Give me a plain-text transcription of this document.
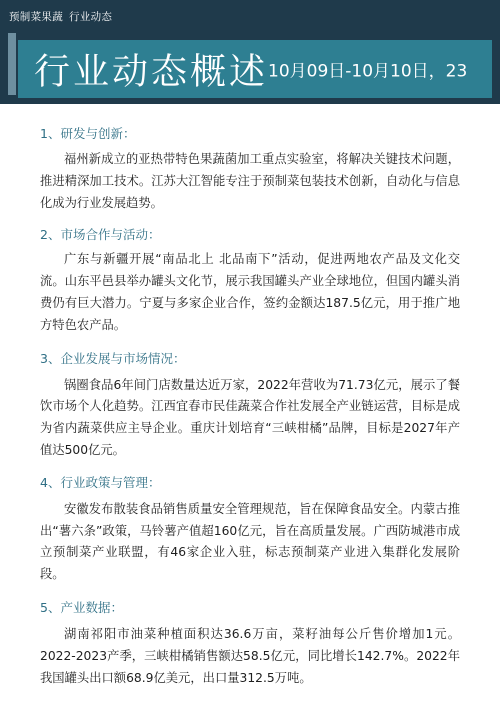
预制菜果蔬 行业动态
行业动态概述 10月09日-10月10日，23

1、研发与创新：

福州新成立的亚热带特色果蔬菌加工重点实验室，将解决关键技术问题，推进精深加工技术。江苏大江智能专注于预制菜包装技术创新，自动化与信息化成为行业发展趋势。

2、市场合作与活动：

广东与新疆开展“南品北上 北品南下”活动，促进两地农产品及文化交流。山东平邑县举办罐头文化节，展示我国罐头产业全球地位，但国内罐头消费仍有巨大潜力。宁夏与多家企业合作，签约金额达187.5亿元，用于推广地方特色农产品。

3、企业发展与市场情况：

锅圈食品6年间门店数量达近万家，2022年营收为71.73亿元，展示了餐饮市场个人化趋势。江西宜春市民佳蔬菜合作社发展全产业链运营，目标是成为省内蔬菜供应主导企业。重庆计划培育“三峡柑橘”品牌，目标是2027年产值达500亿元。

4、行业政策与管理：

安徽发布散装食品销售质量安全管理规范，旨在保障食品安全。内蒙古推出“薯六条”政策，马铃薯产值超160亿元，旨在高质量发展。广西防城港市成立预制菜产业联盟，有46家企业入驻，标志预制菜产业进入集群化发展阶段。

5、产业数据：

湖南祁阳市油菜种植面积达36.6万亩，菜籽油每公斤售价增加1元。2022-2023产季，三峡柑橘销售额达58.5亿元，同比增长142.7%。2022年我国罐头出口额68.9亿美元，出口量312.5万吨。
